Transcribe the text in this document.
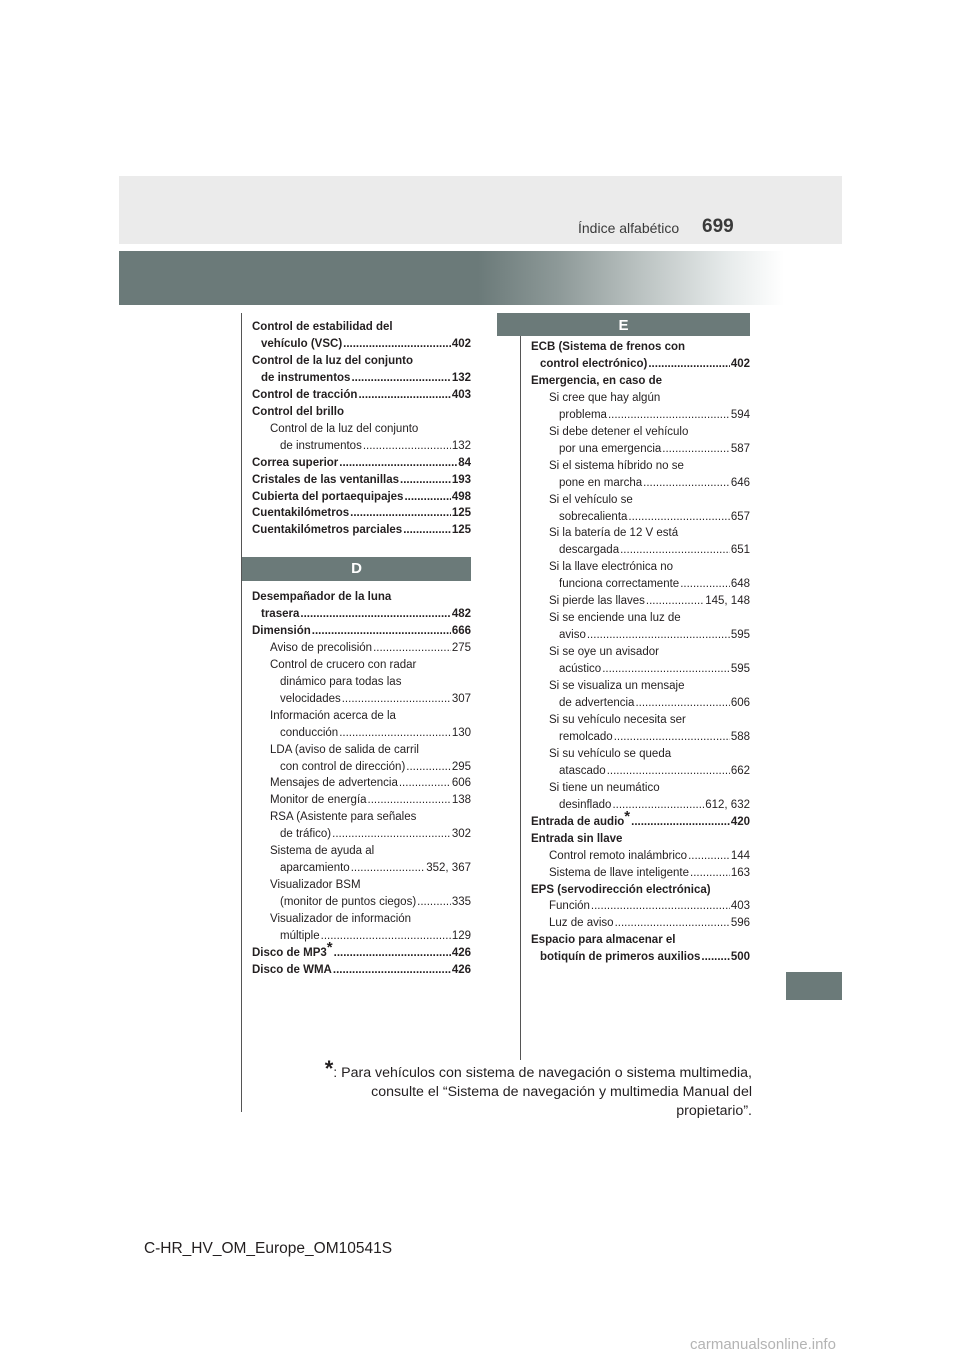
Índice alfabético 699
E
D
Control de estabilidad del
vehículo (VSC) .....	402
Control de la luz del conjunto
de instrumentos .....	132
Control de tracción .....	403
Control del brillo
Control de la luz del conjunto
de instrumentos .....	132
Correa superior .....	84
Cristales de las ventanillas .....	193
Cubierta del portaequipajes .....	498
Cuentakilómetros .....	125
Cuentakilómetros parciales .....	125
Desempañador de la luna
trasera .....	482
Dimensión .....	666
Aviso de precolisión .....	275
Control de crucero con radar
dinámico para todas las
velocidades .....	307
Información acerca de la
conducción .....	130
LDA (aviso de salida de carril
con control de dirección) .....	295
Mensajes de advertencia .....	606
Monitor de energía .....	138
RSA (Asistente para señales
de tráfico) .....	302
Sistema de ayuda al
aparcamiento .....	352, 367
Visualizador BSM
(monitor de puntos ciegos) .....	335
Visualizador de información
múltiple .....	129
Disco de MP3 * .....	426
Disco de WMA .....	426
ECB (Sistema de frenos con
control electrónico) .....	402
Emergencia, en caso de
Si cree que hay algún
problema .....	594
Si debe detener el vehículo
por una emergencia .....	587
Si el sistema híbrido no se
pone en marcha .....	646
Si el vehículo se
sobrecalienta .....	657
Si la batería de 12 V está
descargada .....	651
Si la llave electrónica no
funciona correctamente .....	648
Si pierde las llaves .....	145, 148
Si se enciende una luz de
aviso .....	595
Si se oye un avisador
acústico .....	595
Si se visualiza un mensaje
de advertencia .....	606
Si su vehículo necesita ser
remolcado .....	588
Si su vehículo se queda
atascado .....	662
Si tiene un neumático
desinflado .....	612, 632
Entrada de audio * .....	420
Entrada sin llave
Control remoto inalámbrico .....	144
Sistema de llave inteligente .....	163
EPS (servodirección electrónica)
Función .....	403
Luz de aviso .....	596
Espacio para almacenar el
botiquín de primeros auxilios .....	500
*: Para vehículos con sistema de navegación o sistema multimedia,
consulte el “Sistema de navegación y multimedia Manual del propietario”.
C-HR_HV_OM_Europe_OM10541S
carmanualsonline.info
